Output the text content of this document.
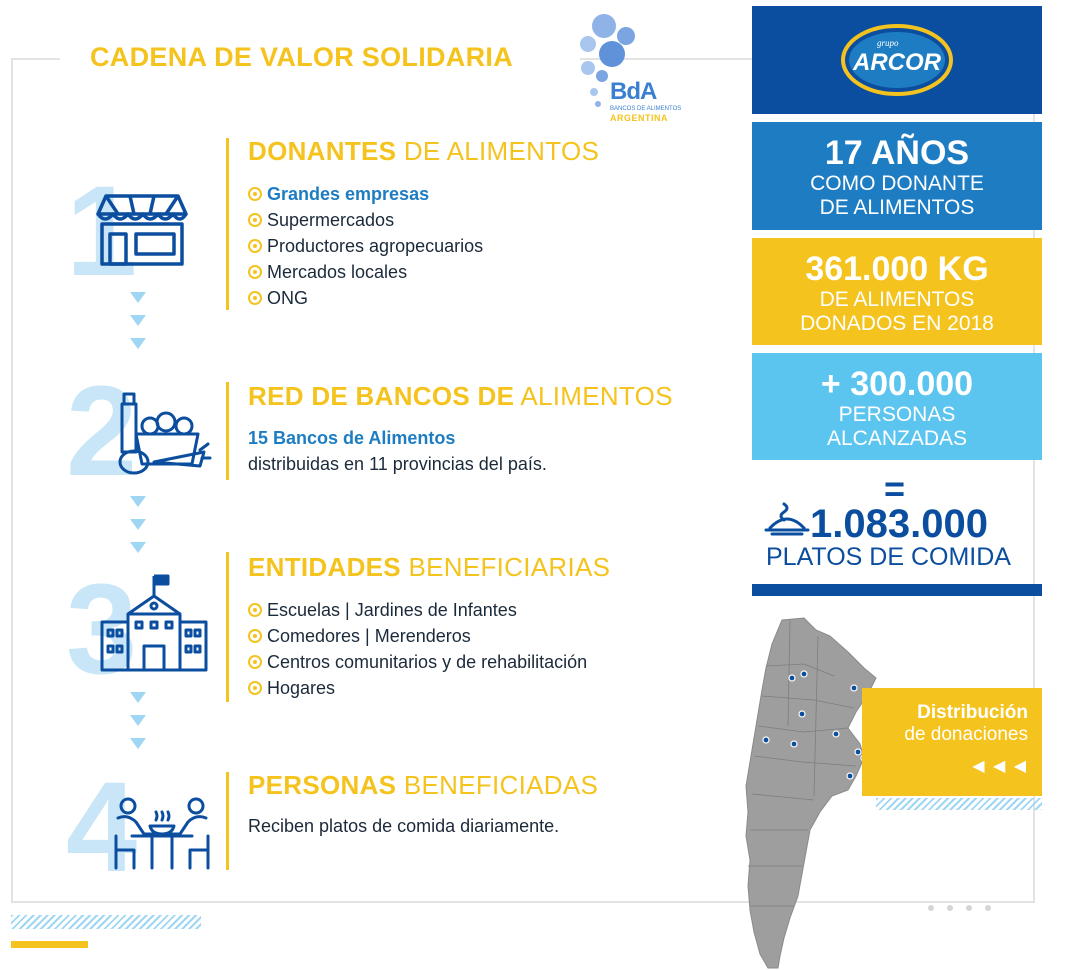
CADENA DE VALOR SOLIDARIA
BdA
BANCOS DE ALIMENTOS
ARGENTINA
1
DONANTES DE ALIMENTOS
Grandes empresas
Supermercados
Productores agropecuarios
Mercados locales
ONG
2	RED DE BANCOS DE ALIMENTOS
15 Bancos de Alimentos
distribuidas en 11 provincias del país.
3	ENTIDADES BENEFICIARIAS
Escuelas | Jardines de Infantes
Comedores | Merenderos
Centros comunitarios y de rehabilitación
Hogares
4	PERSONAS BENEFICIADAS
Reciben platos de comida diariamente.
grupo
ARCOR
17 AÑOS
COMO DONANTE
DE ALIMENTOS
361.000 KG
DE ALIMENTOS
DONADOS EN 2018
+ 300.000
PERSONAS
ALCANZADAS
=
1.083.000
PLATOS DE COMIDA
Distribución
de donaciones
◀ ◀ ◀
